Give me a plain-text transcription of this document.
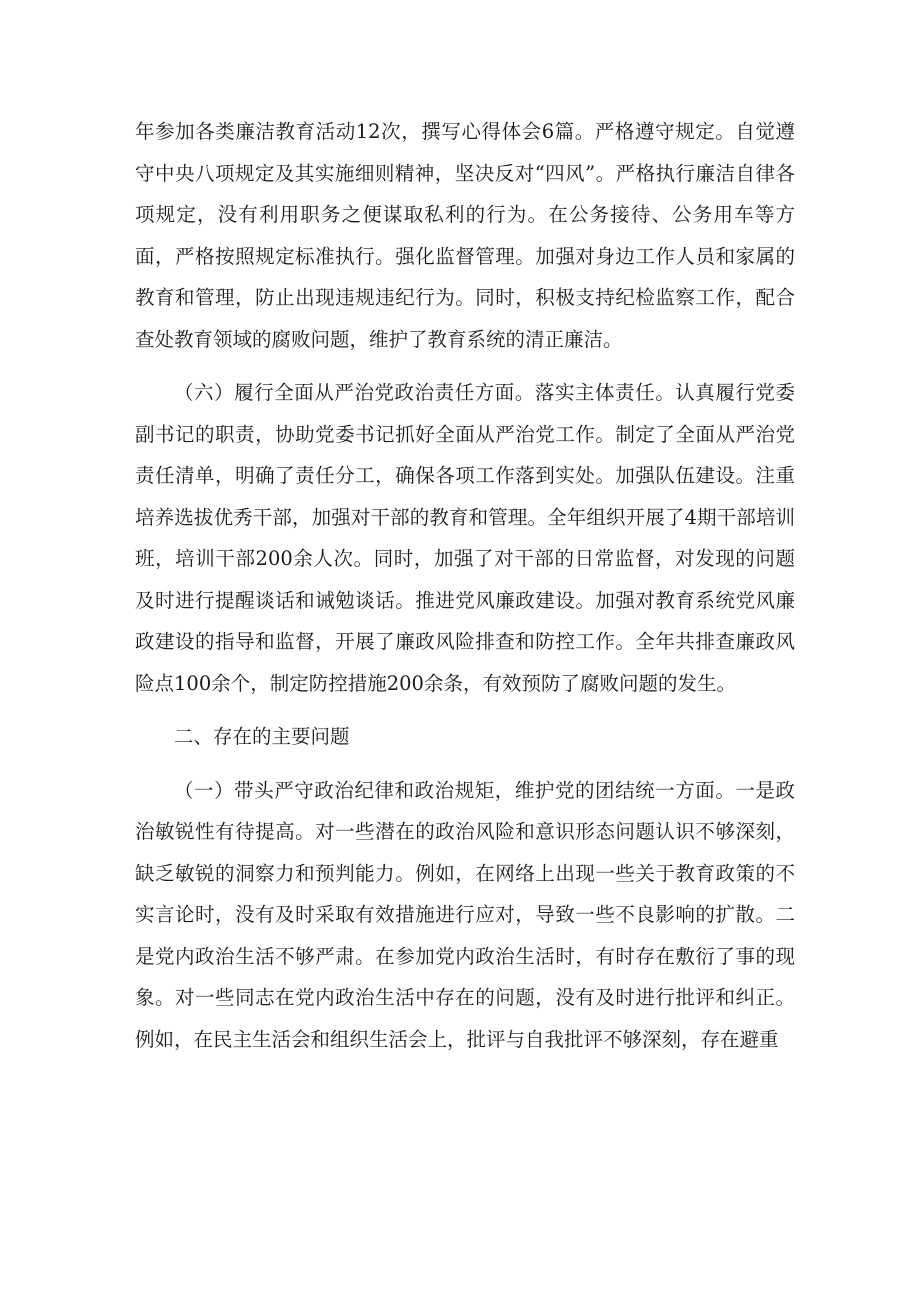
年参加各类廉洁教育活动12次，撰写心得体会6篇。严格遵守规定。自觉遵守中央八项规定及其实施细则精神，坚决反对“四风”。严格执行廉洁自律各项规定，没有利用职务之便谋取私利的行为。在公务接待、公务用车等方面，严格按照规定标准执行。强化监督管理。加强对身边工作人员和家属的教育和管理，防止出现违规违纪行为。同时，积极支持纪检监察工作，配合查处教育领域的腐败问题，维护了教育系统的清正廉洁。

（六）履行全面从严治党政治责任方面。落实主体责任。认真履行党委副书记的职责，协助党委书记抓好全面从严治党工作。制定了全面从严治党责任清单，明确了责任分工，确保各项工作落到实处。加强队伍建设。注重培养选拔优秀干部，加强对干部的教育和管理。全年组织开展了4期干部培训班，培训干部200余人次。同时，加强了对干部的日常监督，对发现的问题及时进行提醒谈话和诫勉谈话。推进党风廉政建设。加强对教育系统党风廉政建设的指导和监督，开展了廉政风险排查和防控工作。全年共排查廉政风险点100余个，制定防控措施200余条，有效预防了腐败问题的发生。

二、存在的主要问题

（一）带头严守政治纪律和政治规矩，维护党的团结统一方面。一是政治敏锐性有待提高。对一些潜在的政治风险和意识形态问题认识不够深刻，缺乏敏锐的洞察力和预判能力。例如，在网络上出现一些关于教育政策的不实言论时，没有及时采取有效措施进行应对，导致一些不良影响的扩散。二是党内政治生活不够严肃。在参加党内政治生活时，有时存在敷衍了事的现象。对一些同志在党内政治生活中存在的问题，没有及时进行批评和纠正。例如，在民主生活会和组织生活会上，批评与自我批评不够深刻，存在避重
